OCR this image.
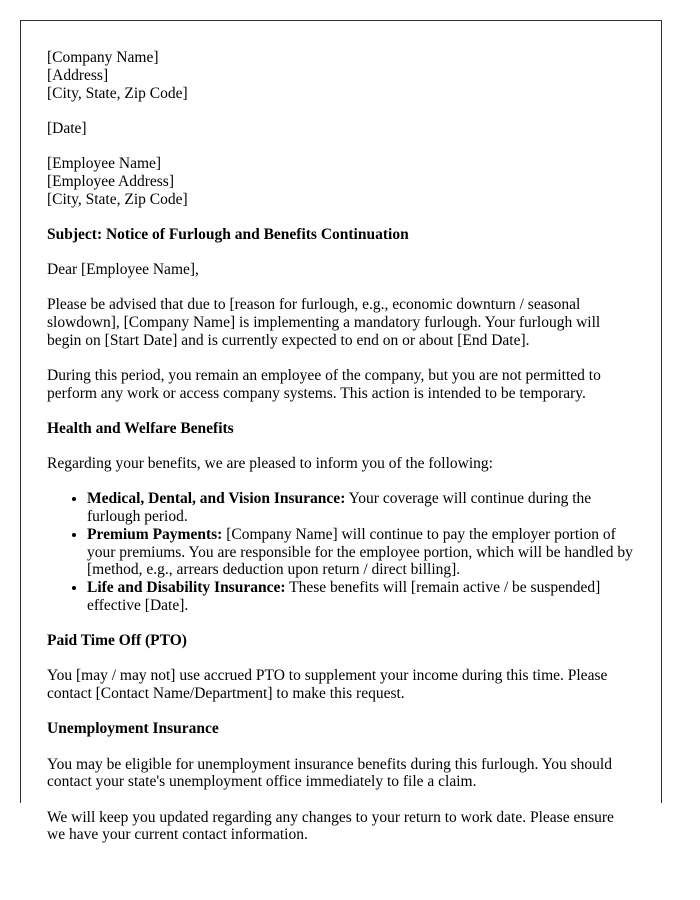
[Company Name]
[Address]
[City, State, Zip Code]

[Date]

[Employee Name]
[Employee Address]
[City, State, Zip Code]

Subject: Notice of Furlough and Benefits Continuation

Dear [Employee Name],

Please be advised that due to [reason for furlough, e.g., economic downturn / seasonal slowdown], [Company Name] is implementing a mandatory furlough. Your furlough will begin on [Start Date] and is currently expected to end on or about [End Date].

During this period, you remain an employee of the company, but you are not permitted to perform any work or access company systems. This action is intended to be temporary.

Health and Welfare Benefits

Regarding your benefits, we are pleased to inform you of the following:

• Medical, Dental, and Vision Insurance: Your coverage will continue during the furlough period.
• Premium Payments: [Company Name] will continue to pay the employer portion of your premiums. You are responsible for the employee portion, which will be handled by [method, e.g., arrears deduction upon return / direct billing].
• Life and Disability Insurance: These benefits will [remain active / be suspended] effective [Date].

Paid Time Off (PTO)

You [may / may not] use accrued PTO to supplement your income during this time. Please contact [Contact Name/Department] to make this request.

Unemployment Insurance

You may be eligible for unemployment insurance benefits during this furlough. You should contact your state's unemployment office immediately to file a claim.

We will keep you updated regarding any changes to your return to work date. Please ensure we have your current contact information.
